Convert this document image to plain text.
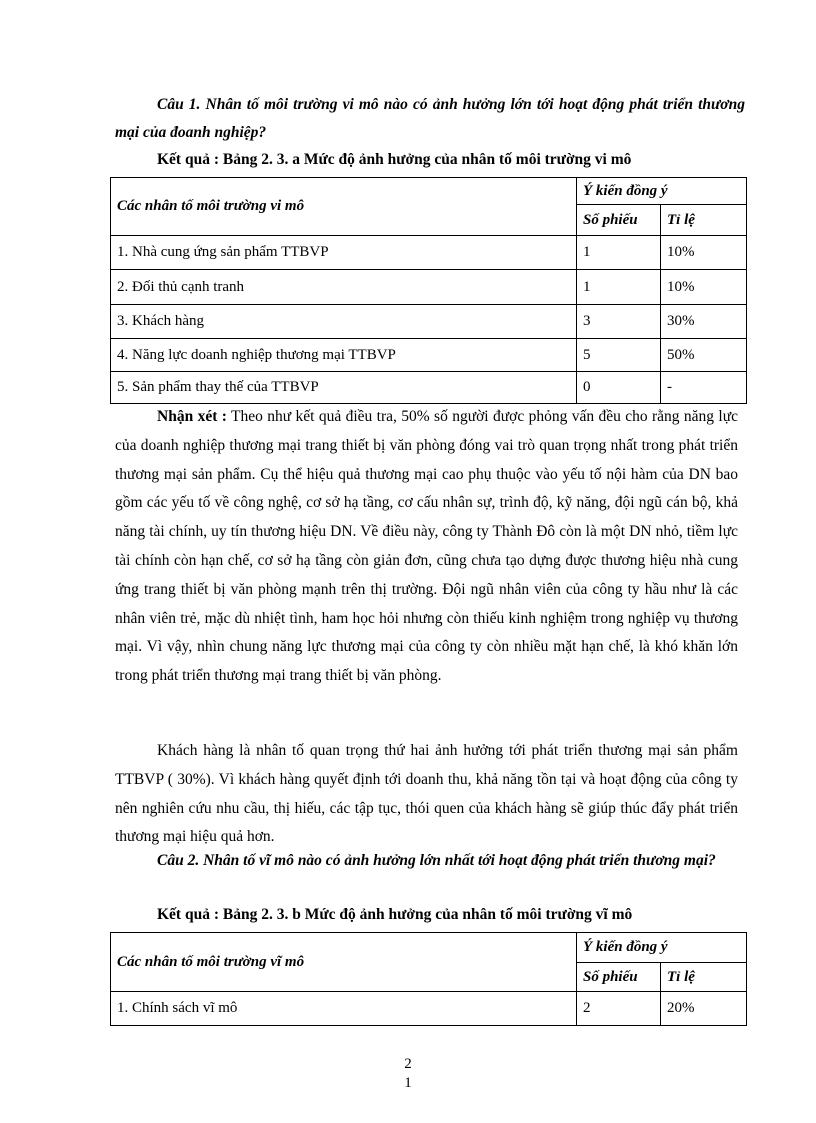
Câu 1. Nhân tố môi trường vi mô nào có ảnh hưởng lớn tới hoạt động phát triển thương mại của đoanh nghiệp?

Kết quả : Bảng 2. 3. a Mức độ ảnh hưởng của nhân tố môi trường vi mô

Các nhân tố môi trường vi mô	Ý kiến đồng ý	
	Số phiếu	Tỉ lệ
1. Nhà cung ứng sản phẩm TTBVP	1	10%
2. Đối thủ cạnh tranh	1	10%
3. Khách hàng	3	30%
4. Năng lực doanh nghiệp thương mại TTBVP	5	50%
5. Sản phẩm thay thế của TTBVP	0	-

Nhận xét : Theo như kết quả điều tra, 50% số người được phỏng vấn đều cho rằng năng lực của doanh nghiệp thương mại trang thiết bị văn phòng đóng vai trò quan trọng nhất trong phát triển thương mại sản phẩm. Cụ thể hiệu quả thương mại cao phụ thuộc vào yếu tố nội hàm của DN bao gồm các yếu tố về công nghệ, cơ sở hạ tầng, cơ cấu nhân sự, trình độ, kỹ năng, đội ngũ cán bộ, khả năng tài chính, uy tín thương hiệu DN. Về điều này, công ty Thành Đô còn là một DN nhỏ, tiềm lực tài chính còn hạn chế, cơ sở hạ tầng còn giản đơn, cũng chưa tạo dựng được thương hiệu nhà cung ứng trang thiết bị văn phòng mạnh trên thị trường. Đội ngũ nhân viên của công ty hầu như là các nhân viên trẻ, mặc dù nhiệt tình, ham học hỏi nhưng còn thiếu kinh nghiệm trong nghiệp vụ thương mại. Vì vậy, nhìn chung năng lực thương mại của công ty còn nhiều mặt hạn chế, là khó khăn lớn trong phát triển thương mại trang thiết bị văn phòng.

Khách hàng là nhân tố quan trọng thứ hai ảnh hưởng tới phát triển thương mại sản phẩm TTBVP ( 30%). Vì khách hàng quyết định tới doanh thu, khả năng tồn tại và hoạt động của công ty nên nghiên cứu nhu cầu, thị hiếu, các tập tục, thói quen của khách hàng sẽ giúp thúc đẩy phát triển thương mại hiệu quả hơn.

Câu 2. Nhân tố vĩ mô nào có ảnh hưởng lớn nhất tới hoạt động phát triển thương mại?

Kết quả : Bảng 2. 3. b Mức độ ảnh hưởng của nhân tố môi trường vĩ mô

Các nhân tố môi trường vĩ mô	Ý kiến đồng ý	
	Số phiếu	Tỉ lệ
1. Chính sách vĩ mô	2	20%

2

1
